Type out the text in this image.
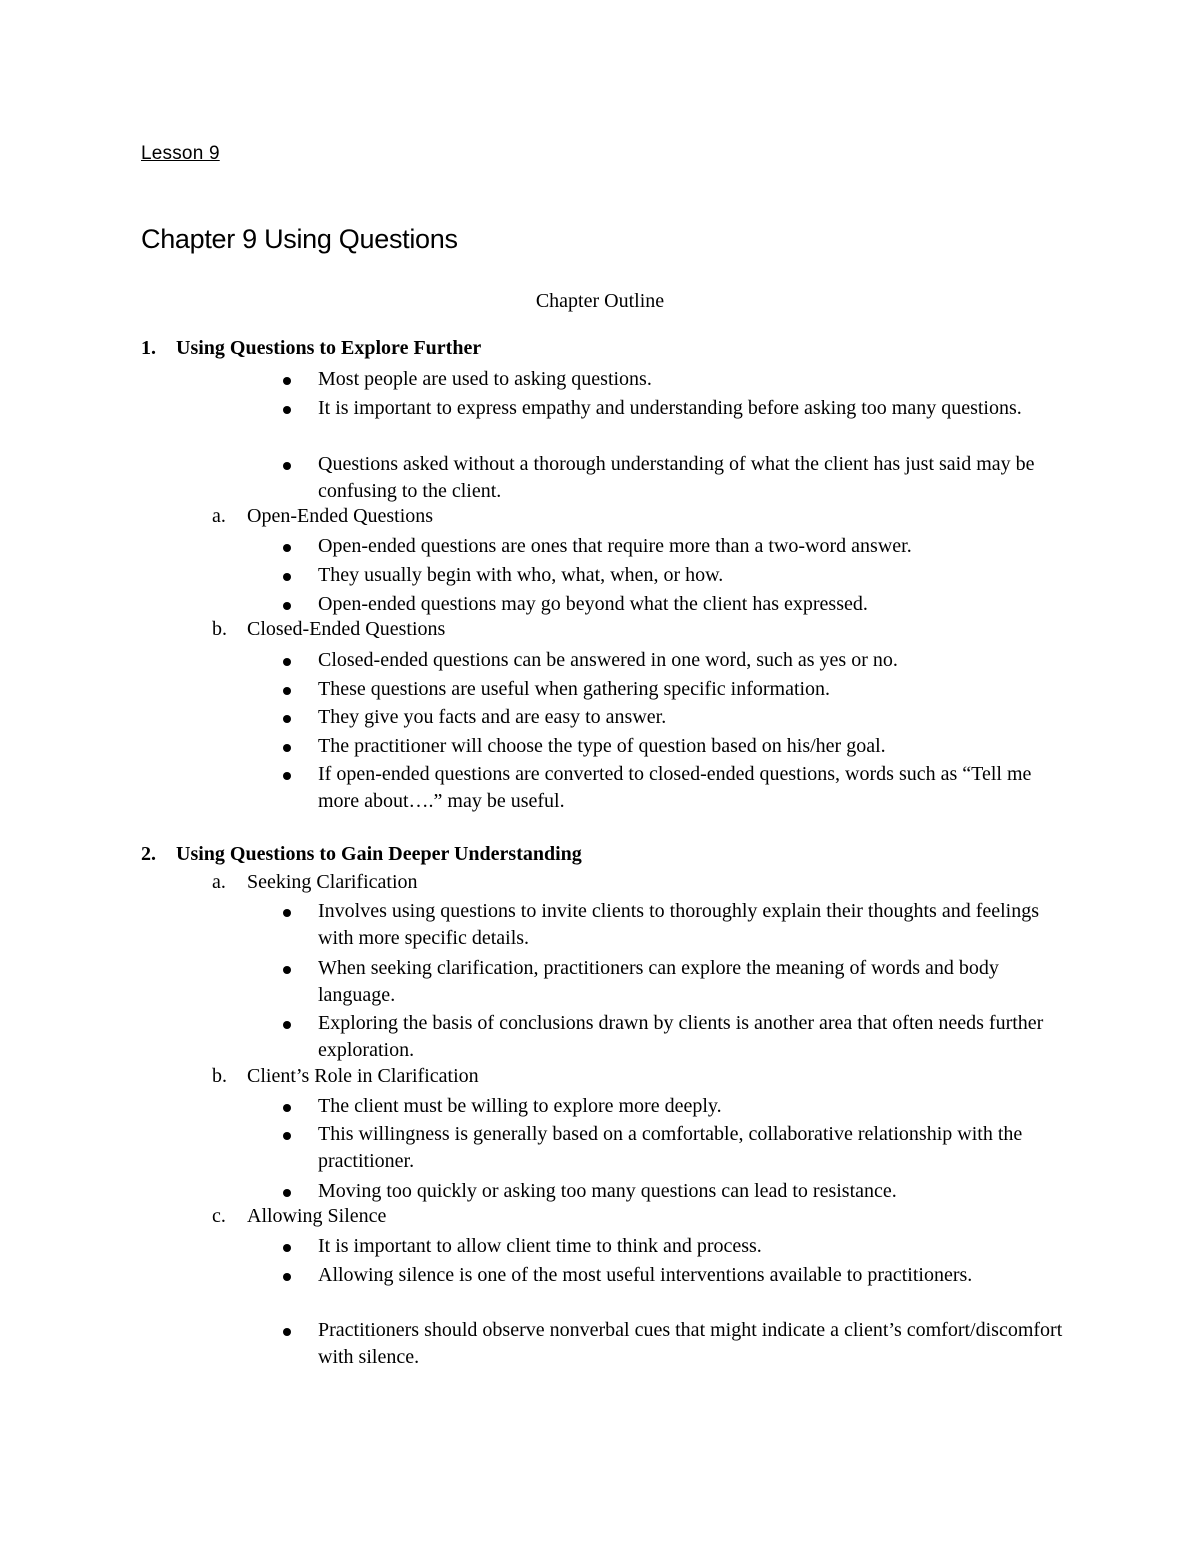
Lesson 9
Chapter 9 Using Questions
Chapter Outline
1. Using Questions to Explore Further
Most people are used to asking questions.
It is important to express empathy and understanding before asking too many questions.
Questions asked without a thorough understanding of what the client has just said may be confusing to the client.
a. Open-Ended Questions
Open-ended questions are ones that require more than a two-word answer.
They usually begin with who, what, when, or how.
Open-ended questions may go beyond what the client has expressed.
b. Closed-Ended Questions
Closed-ended questions can be answered in one word, such as yes or no.
These questions are useful when gathering specific information.
They give you facts and are easy to answer.
The practitioner will choose the type of question based on his/her goal.
If open-ended questions are converted to closed-ended questions, words such as “Tell me more about….” may be useful.
2. Using Questions to Gain Deeper Understanding
a. Seeking Clarification
Involves using questions to invite clients to thoroughly explain their thoughts and feelings with more specific details.
When seeking clarification, practitioners can explore the meaning of words and body language.
Exploring the basis of conclusions drawn by clients is another area that often needs further exploration.
b. Client’s Role in Clarification
The client must be willing to explore more deeply.
This willingness is generally based on a comfortable, collaborative relationship with the practitioner.
Moving too quickly or asking too many questions can lead to resistance.
c. Allowing Silence
It is important to allow client time to think and process.
Allowing silence is one of the most useful interventions available to practitioners.
Practitioners should observe nonverbal cues that might indicate a client’s comfort/discomfort with silence.
